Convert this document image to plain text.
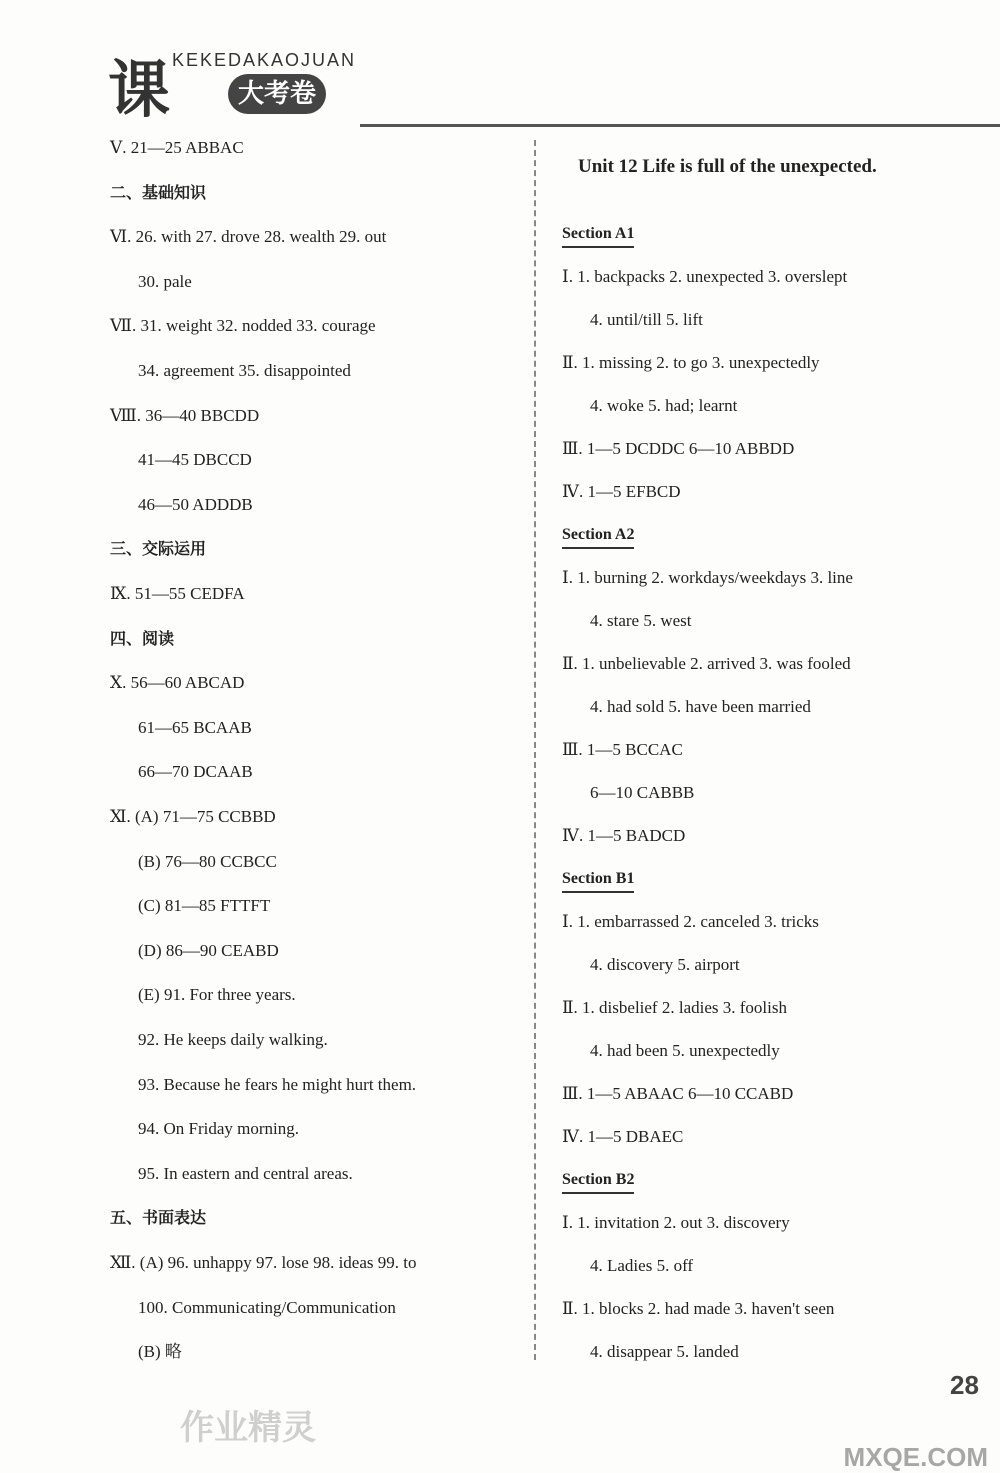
课 KEKEDAKAOJUAN
大考卷
Ⅴ. 21—25 ABBAC
二、基础知识
Ⅵ. 26. with 27. drove 28. wealth 29. out
30. pale
Ⅶ. 31. weight 32. nodded 33. courage
34. agreement 35. disappointed
Ⅷ. 36—40 BBCDD
41—45 DBCCD
46—50 ADDDB
三、交际运用
Ⅸ. 51—55 CEDFA
四、阅读
Ⅹ. 56—60 ABCAD
61—65 BCAAB
66—70 DCAAB
Ⅺ. (A) 71—75 CCBBD
(B) 76—80 CCBCC
(C) 81—85 FTTFT
(D) 86—90 CEABD
(E) 91. For three years.
92. He keeps daily walking.
93. Because he fears he might hurt them.
94. On Friday morning.
95. In eastern and central areas.
五、书面表达
Ⅻ. (A) 96. unhappy 97. lose 98. ideas 99. to
100. Communicating/Communication
(B) 略
Unit 12 Life is full of the unexpected.
Section A1
Ⅰ. 1. backpacks 2. unexpected 3. overslept
4. until/till 5. lift
Ⅱ. 1. missing 2. to go 3. unexpectedly
4. woke 5. had; learnt
Ⅲ. 1—5 DCDDC 6—10 ABBDD
Ⅳ. 1—5 EFBCD
Section A2
Ⅰ. 1. burning 2. workdays/weekdays 3. line
4. stare 5. west
Ⅱ. 1. unbelievable 2. arrived 3. was fooled
4. had sold 5. have been married
Ⅲ. 1—5 BCCAC
6—10 CABBB
Ⅳ. 1—5 BADCD
Section B1
Ⅰ. 1. embarrassed 2. canceled 3. tricks
4. discovery 5. airport
Ⅱ. 1. disbelief 2. ladies 3. foolish
4. had been 5. unexpectedly
Ⅲ. 1—5 ABAAC 6—10 CCABD
Ⅳ. 1—5 DBAEC
Section B2
Ⅰ. 1. invitation 2. out 3. discovery
4. Ladies 5. off
Ⅱ. 1. blocks 2. had made 3. haven't seen
4. disappear 5. landed
28
作业精灵
MXQE.COM
